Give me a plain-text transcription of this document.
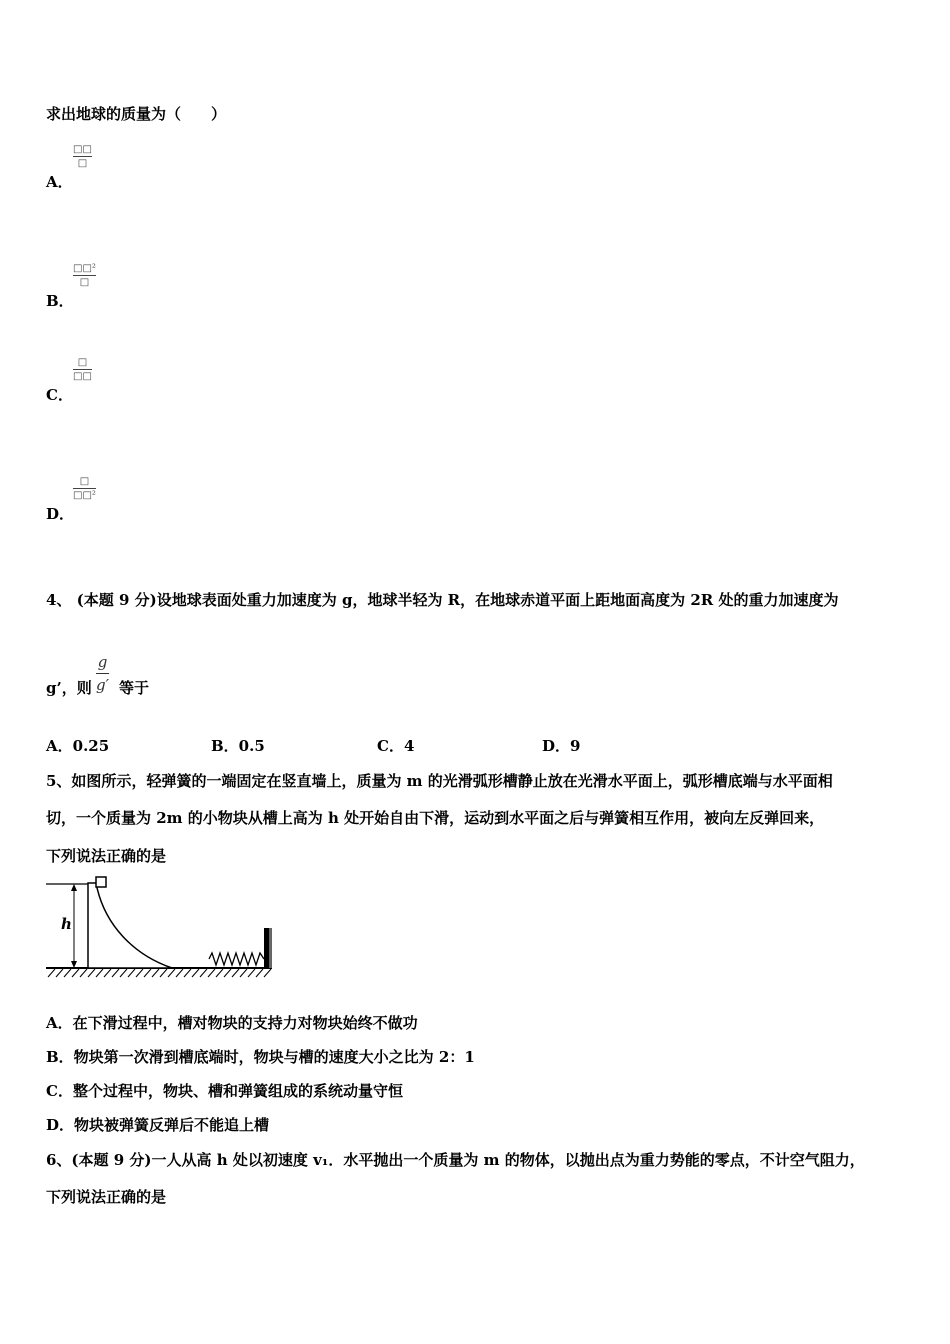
求出地球的质量为（　　）
A．
□□
□
B．
□□²
□
C．
□
□□
D．
□
□□²
4、 (本题 9 分)设地球表面处重力加速度为 g，地球半轻为 R，在地球赤道平面上距地面高度为 2R 处的重力加速度为
g’，则
g
g′ 等于
A．0.25	B．0.5	C．4	D．9
5、如图所示，轻弹簧的一端固定在竖直墙上，质量为 m 的光滑弧形槽静止放在光滑水平面上，弧形槽底端与水平面相
切，一个质量为 2m 的小物块从槽上高为 h 处开始自由下滑，运动到水平面之后与弹簧相互作用，被向左反弹回来，
下列说法正确的是
h
A．在下滑过程中，槽对物块的支持力对物块始终不做功
B．物块第一次滑到槽底端时，物块与槽的速度大小之比为 2：1
C．整个过程中，物块、槽和弹簧组成的系统动量守恒
D．物块被弹簧反弹后不能追上槽
6、(本题 9 分)一人从高 h 处以初速度 v₁．水平抛出一个质量为 m 的物体，以抛出点为重力势能的零点，不计空气阻力，
下列说法正确的是
